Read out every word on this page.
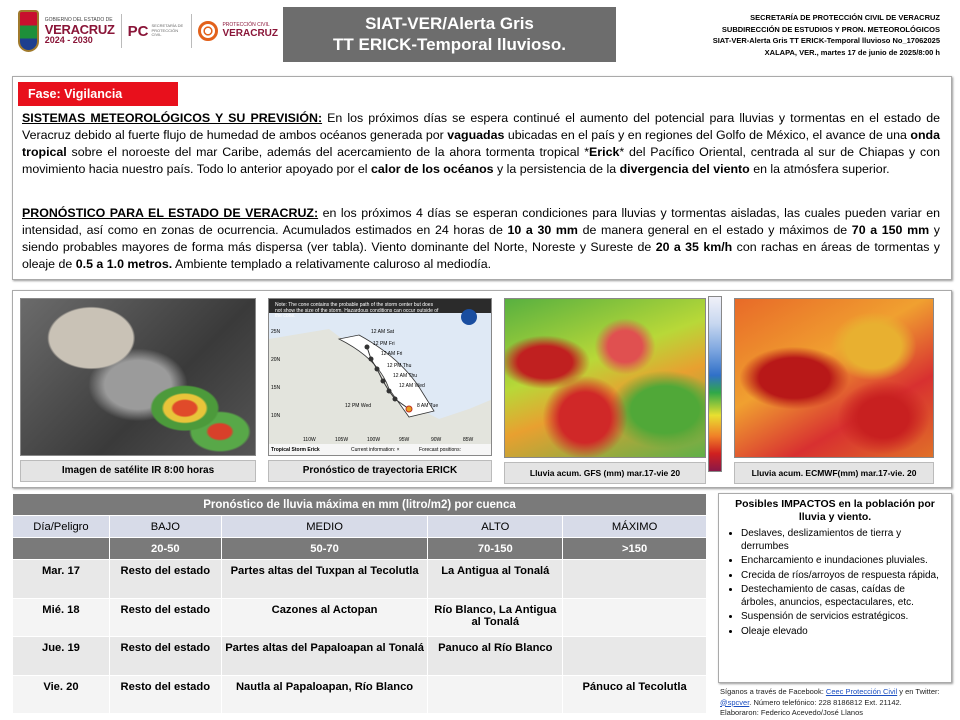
GOBIERNO DEL ESTADO DE
VERACRUZ
2024 - 2030	PC SECRETARÍA DE PROTECCIÓN CIVIL
PROTECCIÓN CIVIL
VERACRUZ
SIAT-VER/Alerta Gris
TT ERICK-Temporal lluvioso.
SECRETARÍA DE PROTECCIÓN CIVIL DE VERACRUZ
SUBDIRECCIÓN DE ESTUDIOS Y PRON. METEOROLÓGICOS
SIAT-VER-Alerta Gris TT ERICK-Temporal lluvioso No_17062025
XALAPA, VER., martes 17 de junio de 2025/8:00 h
Fase: Vigilancia
SISTEMAS METEOROLÓGICOS Y SU PREVISIÓN: En los próximos días se espera continué el aumento del potencial para lluvias y tormentas en el estado de Veracruz debido al fuerte flujo de humedad de ambos océanos generada por vaguadas ubicadas en el país y en regiones del Golfo de México, el avance de una onda tropical sobre el noroeste del mar Caribe, además del acercamiento de la ahora tormenta tropical *Erick* del Pacífico Oriental, centrada al sur de Chiapas y con movimiento hacia nuestro país. Todo lo anterior apoyado por el calor de los océanos y la persistencia de la divergencia del viento en la atmósfera superior.
PRONÓSTICO PARA EL ESTADO DE VERACRUZ: en los próximos 4 días se esperan condiciones para lluvias y tormentas aisladas, las cuales pueden variar en intensidad, así como en zonas de ocurrencia. Acumulados estimados en 24 horas de 10 a 30 mm de manera general en el estado y máximos de 70 a 150 mm y siendo probables mayores de forma más dispersa (ver tabla). Viento dominante del Norte, Noreste y Sureste de 20 a 35 km/h con rachas en áreas de tormentas y oleaje de 0.5 a 1.0 metros. Ambiente templado a relativamente caluroso al mediodía.
Imagen de satélite IR 8:00 horas
Note: The cone contains the probable path of the storm center but does not show the size of the storm. Hazardous conditions can occur outside of the cone.
12 AM Sat
12 PM Fri
12 AM Fri
12 PM Thu
12 AM Thu
12 AM Wed
8 AM Tue
12 PM Wed
25N
20N
15N
10N
110W	105W	100W	95W	90W	85W
Tropical Storm Erick	Current information: ×	Forecast positions:
Pronóstico de trayectoria ERICK	Lluvia acum. GFS (mm) mar.17-vie 20	Lluvia acum. ECMWF(mm) mar.17-vie. 20
Pronóstico de lluvia máxima en mm (litro/m2) por cuenca				
Día/Peligro	BAJO	MEDIO	ALTO	MÁXIMO
	20-50	50-70	70-150	>150
Mar. 17	Resto del estado	Partes altas del Tuxpan al Tecolutla	La Antigua al Tonalá	
Mié. 18	Resto del estado	Cazones al Actopan	Río Blanco, La Antigua al Tonalá	
Jue. 19	Resto del estado	Partes altas del Papaloapan al Tonalá	Panuco al Río Blanco	
Vie. 20	Resto del estado	Nautla al Papaloapan, Río Blanco		Pánuco al Tecolutla
Posibles IMPACTOS en la población por lluvia y viento.
• Deslaves, deslizamientos de tierra y derrumbes
• Encharcamiento e inundaciones pluviales.
• Crecida de ríos/arroyos de respuesta rápida,
• Destechamiento de casas, caídas de árboles, anuncios, espectaculares, etc.
• Suspensión de servicios estratégicos.
• Oleaje elevado
Síganos a través de Facebook: Ceec Protección Civil y en Twitter: @spcver. Número telefónico: 228 8186812 Ext. 21142.
Elaboraron: Federico Acevedo/José Llanos
